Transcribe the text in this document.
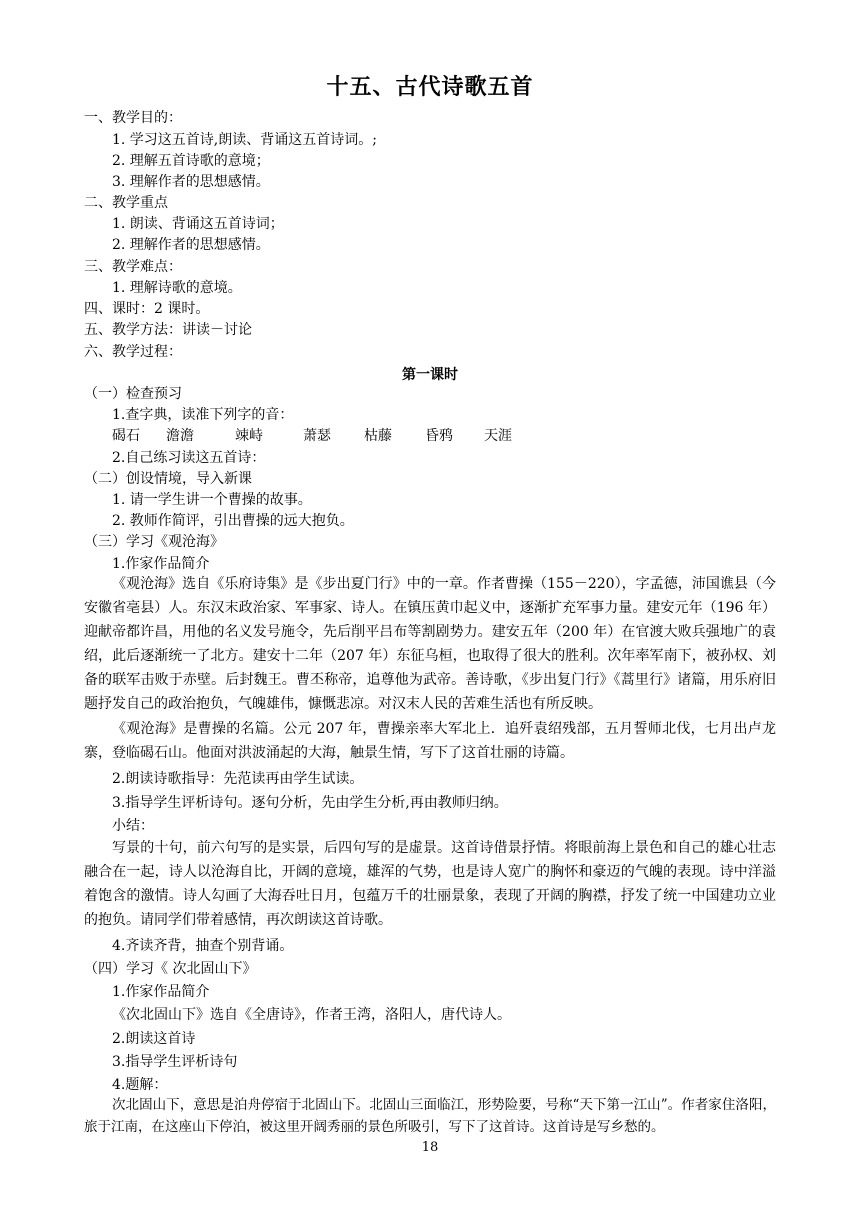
十五、古代诗歌五首
一、教学目的：
1. 学习这五首诗,朗读、背诵这五首诗词。;
2. 理解五首诗歌的意境；
3. 理解作者的思想感情。
二、教学重点
1. 朗读、背诵这五首诗词；
2. 理解作者的思想感情。
三、教学难点：
1. 理解诗歌的意境。
四、课时：2 课时。
五、教学方法：讲读－讨论
六、教学过程：
第一课时
（一）检查预习
1.查字典，读准下列字的音：
碣石 澹澹	竦峙	萧瑟 枯藤 昏鸦 天涯
2.自己练习读这五首诗：
（二）创设情境，导入新课
1. 请一学生讲一个曹操的故事。
2. 教师作简评，引出曹操的远大抱负。
（三）学习《观沧海》
1.作家作品简介
《观沧海》选自《乐府诗集》是《步出夏门行》中的一章。作者曹操（155－220），字孟德，沛国谯县（今安徽省亳县）人。东汉末政治家、军事家、诗人。在镇压黄巾起义中，逐渐扩充军事力量。建安元年（196 年）迎献帝都许昌，用他的名义发号施令，先后削平吕布等割剧势力。建安五年（200 年）在官渡大败兵强地广的袁绍，此后逐渐统一了北方。建安十二年（207 年）东征乌桓，也取得了很大的胜利。次年率军南下，被孙权、刘备的联军击败于赤壁。后封魏王。曹丕称帝，追尊他为武帝。善诗歌，《步出复门行》《蒿里行》诸篇，用乐府旧题抒发自己的政治抱负，气魄雄伟，慷慨悲凉。对汉末人民的苦难生活也有所反映。
《观沧海》是曹操的名篇。公元 207 年，曹操亲率大军北上．追歼袁绍残部，五月誓师北伐，七月出卢龙寨，登临碣石山。他面对洪波涌起的大海，触景生情，写下了这首壮丽的诗篇。
2.朗读诗歌指导：先范读再由学生试读。
3.指导学生评析诗句。逐句分析，先由学生分析,再由教师归纳。
小结：
写景的十句，前六句写的是实景，后四句写的是虚景。这首诗借景抒情。将眼前海上景色和自己的雄心壮志融合在一起，诗人以沧海自比，开阔的意境，雄浑的气势，也是诗人宽广的胸怀和豪迈的气魄的表现。诗中洋溢着饱含的激情。诗人勾画了大海吞吐日月，包蕴万千的壮丽景象，表现了开阔的胸襟，抒发了统一中国建功立业的抱负。请同学们带着感情，再次朗读这首诗歌。
4.齐读齐背，抽查个别背诵。
（四）学习《 次北固山下》
1.作家作品简介
《次北固山下》选自《全唐诗》，作者王湾，洛阳人，唐代诗人。
2.朗读这首诗
3.指导学生评析诗句
4.题解：
次北固山下，意思是泊舟停宿于北固山下。北固山三面临江，形势险要，号称“天下第一江山”。作者家住洛阳，旅于江南，在这座山下停泊，被这里开阔秀丽的景色所吸引，写下了这首诗。这首诗是写乡愁的。
18
